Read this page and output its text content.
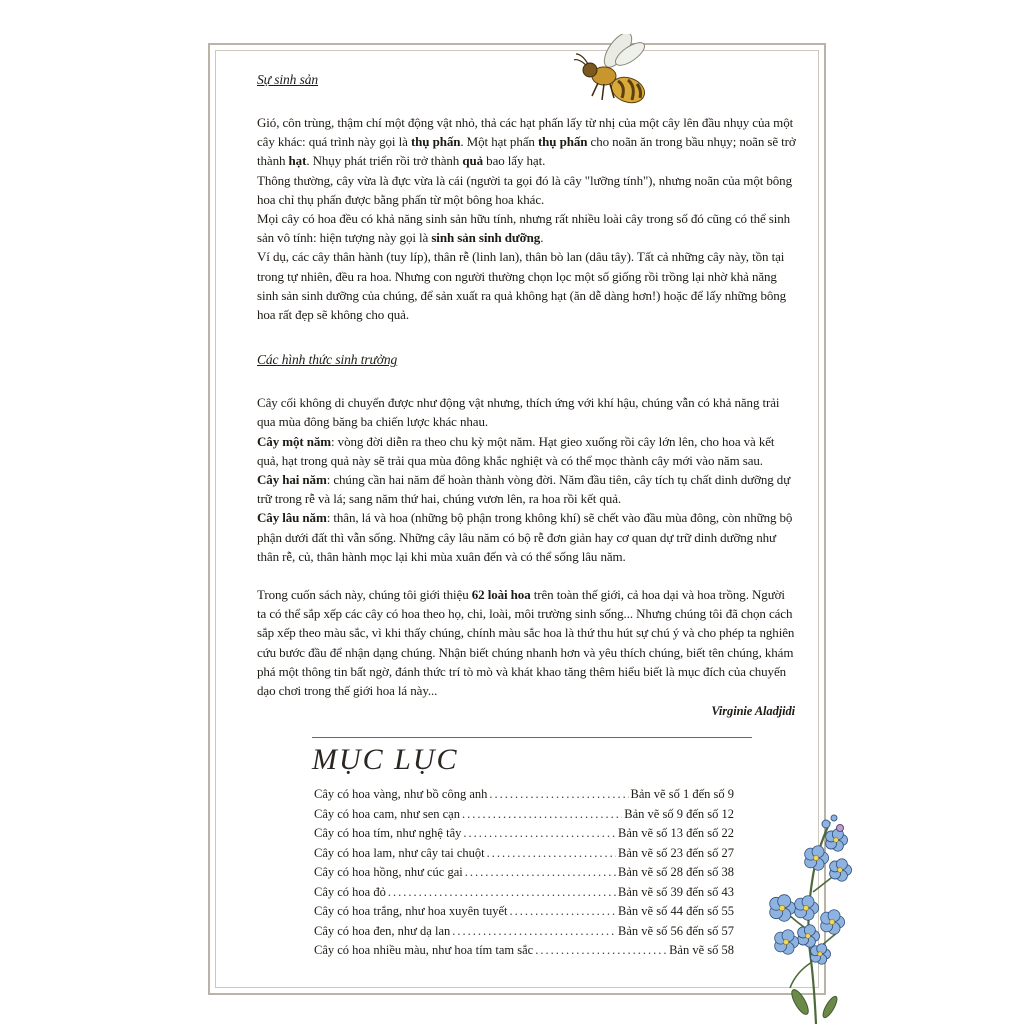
Sự sinh sản

Gió, côn trùng, thậm chí một động vật nhỏ, thả các hạt phấn lấy từ nhị của một cây lên đầu nhụy của một cây khác: quá trình này gọi là thụ phấn. Một hạt phấn thụ phấn cho noãn ăn trong bầu nhụy; noãn sẽ trở thành hạt. Nhụy phát triển rồi trở thành quả bao lấy hạt.

Thông thường, cây vừa là đực vừa là cái (người ta gọi đó là cây "lưỡng tính"), nhưng noãn của một bông hoa chỉ thụ phấn được bằng phấn từ một bông hoa khác.

Mọi cây có hoa đều có khả năng sinh sản hữu tính, nhưng rất nhiều loài cây trong số đó cũng có thể sinh sản vô tính: hiện tượng này gọi là sinh sản sinh dưỡng.

Ví dụ, các cây thân hành (tuy líp), thân rễ (linh lan), thân bò lan (dâu tây). Tất cả những cây này, tồn tại trong tự nhiên, đều ra hoa. Nhưng con người thường chọn lọc một số giống rồi trồng lại nhờ khả năng sinh sản sinh dưỡng của chúng, để sản xuất ra quả không hạt (ăn dễ dàng hơn!) hoặc để lấy những bông hoa rất đẹp sẽ không cho quả.

Các hình thức sinh trưởng

Cây cối không di chuyển được như động vật nhưng, thích ứng với khí hậu, chúng vẫn có khả năng trải qua mùa đông băng ba chiến lược khác nhau.

Cây một năm: vòng đời diễn ra theo chu kỳ một năm. Hạt gieo xuống rồi cây lớn lên, cho hoa và kết quả, hạt trong quả này sẽ trải qua mùa đông khắc nghiệt và có thể mọc thành cây mới vào năm sau.

Cây hai năm: chúng cần hai năm để hoàn thành vòng đời. Năm đầu tiên, cây tích tụ chất dinh dưỡng dự trữ trong rễ và lá; sang năm thứ hai, chúng vươn lên, ra hoa rồi kết quả.

Cây lâu năm: thân, lá và hoa (những bộ phận trong không khí) sẽ chết vào đầu mùa đông, còn những bộ phận dưới đất thì vẫn sống. Những cây lâu năm có bộ rễ đơn giản hay cơ quan dự trữ dinh dưỡng như thân rễ, củ, thân hành mọc lại khi mùa xuân đến và có thể sống lâu năm.

Trong cuốn sách này, chúng tôi giới thiệu 62 loài hoa trên toàn thế giới, cả hoa dại và hoa trồng. Người ta có thể sắp xếp các cây có hoa theo họ, chi, loài, môi trường sinh sống... Nhưng chúng tôi đã chọn cách sắp xếp theo màu sắc, vì khi thấy chúng, chính màu sắc hoa là thứ thu hút sự chú ý và cho phép ta nghiên cứu bước đầu để nhận dạng chúng. Nhận biết chúng nhanh hơn và yêu thích chúng, biết tên chúng, khám phá một thông tin bất ngờ, đánh thức trí tò mò và khát khao tăng thêm hiểu biết là mục đích của chuyến dạo chơi trong thế giới hoa lá này...

Virginie Aladjidi
MỤC LỤC
Cây có hoa vàng, như bồ công anh .....	Bản vẽ số 1 đến số 9
Cây có hoa cam, như sen cạn .....	Bản vẽ số 9 đến số 12
Cây có hoa tím, như nghệ tây .....	Bản vẽ số 13 đến số 22
Cây có hoa lam, như cây tai chuột .....	Bản vẽ số 23 đến số 27
Cây có hoa hồng, như cúc gai .....	Bản vẽ số 28 đến số 38
Cây có hoa đỏ .....	Bản vẽ số 39 đến số 43
Cây có hoa trắng, như hoa xuyên tuyết .....	Bản vẽ số 44 đến số 55
Cây có hoa đen, như dạ lan .....	Bản vẽ số 56 đến số 57
Cây có hoa nhiều màu, như hoa tím tam sắc .....	Bản vẽ số 58
